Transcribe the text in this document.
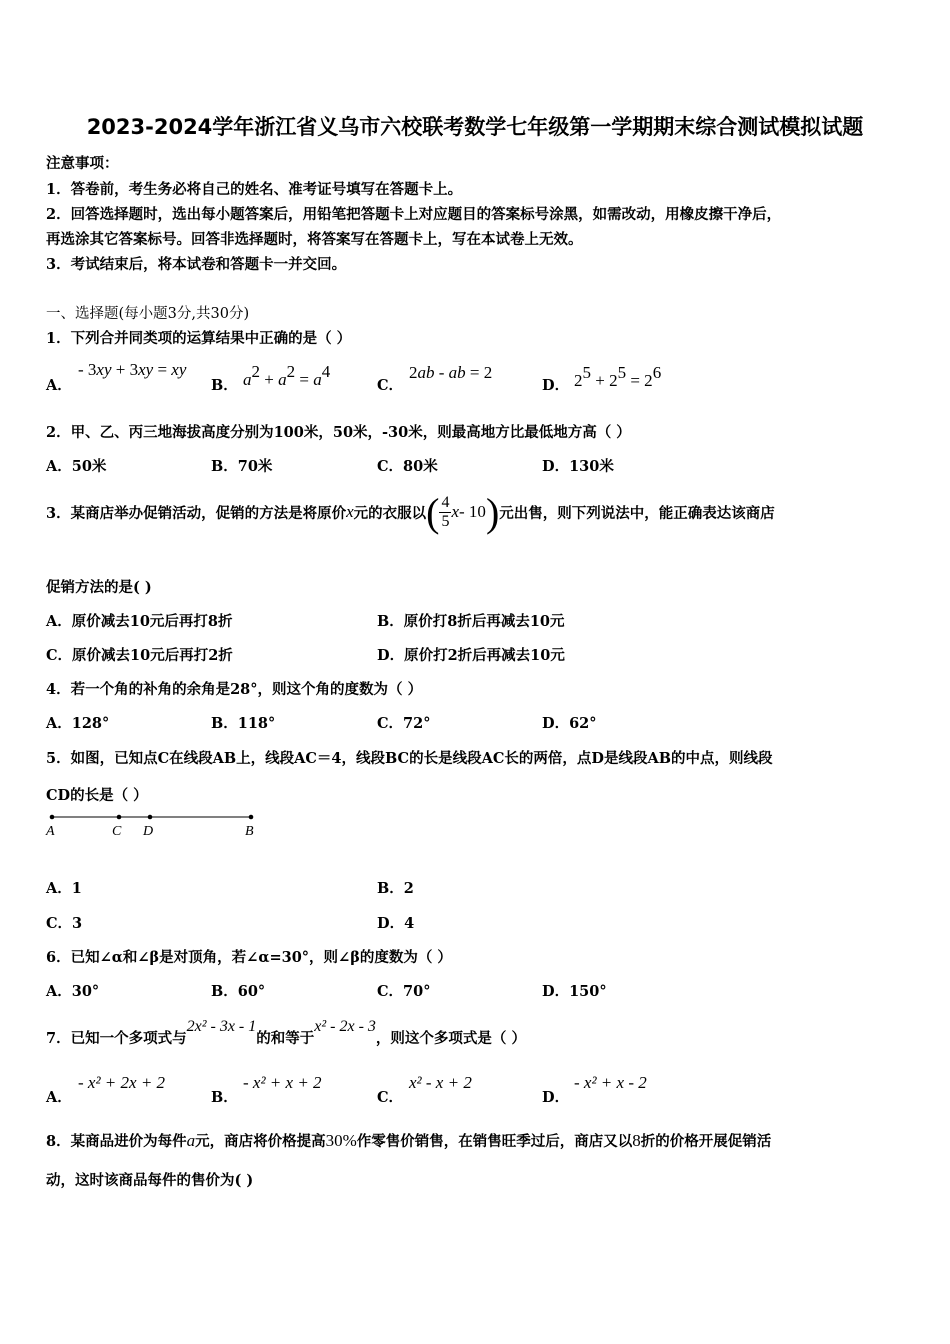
2023-2024学年浙江省义乌市六校联考数学七年级第一学期期末综合测试模拟试题
注意事项：
1．答卷前，考生务必将自己的姓名、准考证号填写在答题卡上。
2．回答选择题时，选出每小题答案后，用铅笔把答题卡上对应题目的答案标号涂黑，如需改动，用橡皮擦干净后，
再选涂其它答案标号。回答非选择题时，将答案写在答题卡上，写在本试卷上无效。
3．考试结束后，将本试卷和答题卡一并交回。
一、选择题(每小题3分,共30分)
1．下列合并同类项的运算结果中正确的是（ ）
A．
- 3xy + 3xy = xy
B． $a^2 + a^2 = a^4$
C．
2ab - ab = 2
D． $2^5 + 2^5 = 2^6$
2．甲、乙、丙三地海拔高度分别为100米，50米，-30米，则最高地方比最低地方高（ ）
A．50米	B．70米	C．80米	D．130米
3．某商店举办促销活动，促销的方法是将原价 x 元的衣服以 ( $\frac{4}{5}$ x - 10 ) 元出售，则下列说法中，能正确表达该商店
促销方法的是( )
A．原价减去10元后再打8折	B．原价打8折后再减去10元
C．原价减去10元后再打2折	D．原价打2折后再减去10元
4．若一个角的补角的余角是28°，则这个角的度数为（ ）
A．128°	B．118°	C．72°	D．62°
5．如图，已知点C在线段AB上，线段AC＝4，线段BC的长是线段AC长的两倍，点D是线段AB的中点，则线段
CD的长是（ ）
A	C D	B
A．1	B．2
C．3	D．4
6．已知∠α和∠β是对顶角，若∠α=30°，则∠β的度数为（ ）
A．30°	B．60°	C．70°	D．150°
7．已知一个多项式与
2x² - 3x - 1
的和等于
x² - 2x - 3
，则这个多项式是（ ）
A．
- x² + 2x + 2
B．
- x² + x + 2
C．
x² - x + 2
D．
- x² + x - 2
8．某商品进价为每件a元，商店将价格提高30%作零售价销售，在销售旺季过后，商店又以8折的价格开展促销活
动，这时该商品每件的售价为( )
